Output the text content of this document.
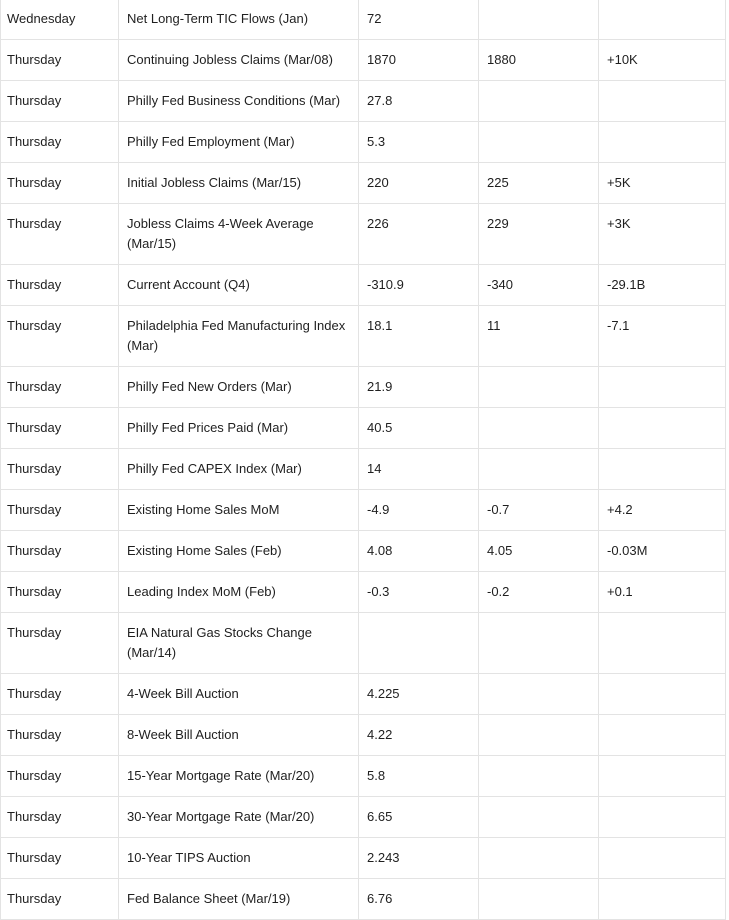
Wednesday	Net Long-Term TIC Flows (Jan)	72		
Thursday	Continuing Jobless Claims (Mar/08)	1870	1880	+10K
Thursday	Philly Fed Business Conditions (Mar)	27.8		
Thursday	Philly Fed Employment (Mar)	5.3		
Thursday	Initial Jobless Claims (Mar/15)	220	225	+5K
Thursday	Jobless Claims 4-Week Average (Mar/15)	226	229	+3K
Thursday	Current Account (Q4)	-310.9	-340	-29.1B
Thursday	Philadelphia Fed Manufacturing Index (Mar)	18.1	11	-7.1
Thursday	Philly Fed New Orders (Mar)	21.9		
Thursday	Philly Fed Prices Paid (Mar)	40.5		
Thursday	Philly Fed CAPEX Index (Mar)	14		
Thursday	Existing Home Sales MoM	-4.9	-0.7	+4.2
Thursday	Existing Home Sales (Feb)	4.08	4.05	-0.03M
Thursday	Leading Index MoM (Feb)	-0.3	-0.2	+0.1
Thursday	EIA Natural Gas Stocks Change (Mar/14)			
Thursday	4-Week Bill Auction	4.225		
Thursday	8-Week Bill Auction	4.22		
Thursday	15-Year Mortgage Rate (Mar/20)	5.8		
Thursday	30-Year Mortgage Rate (Mar/20)	6.65		
Thursday	10-Year TIPS Auction	2.243		
Thursday	Fed Balance Sheet (Mar/19)	6.76		
